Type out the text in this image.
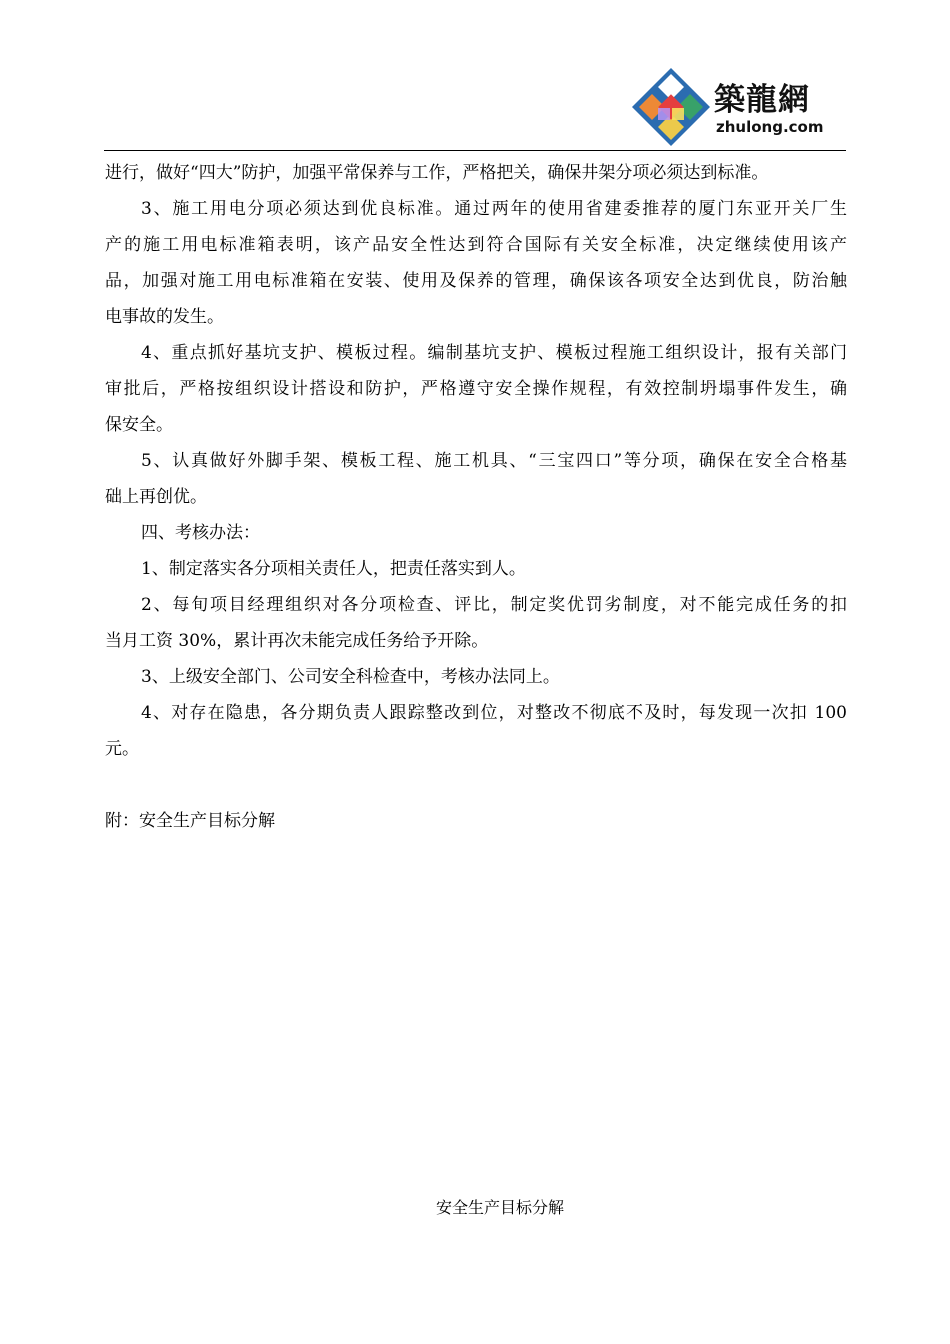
築龍網
zhulong.com
进行，做好“四大”防护，加强平常保养与工作，严格把关，确保井架分项必须达到标准。
3、施工用电分项必须达到优良标准。通过两年的使用省建委推荐的厦门东亚开关厂生
产的施工用电标准箱表明，该产品安全性达到符合国际有关安全标准，决定继续使用该产
品，加强对施工用电标准箱在安装、使用及保养的管理，确保该各项安全达到优良，防治触
电事故的发生。
4、重点抓好基坑支护、模板过程。编制基坑支护、模板过程施工组织设计，报有关部门
审批后，严格按组织设计搭设和防护，严格遵守安全操作规程，有效控制坍塌事件发生，确
保安全。
5、认真做好外脚手架、模板工程、施工机具、“三宝四口”等分项，确保在安全合格基
础上再创优。
四、考核办法：
1、制定落实各分项相关责任人，把责任落实到人。
2、每旬项目经理组织对各分项检查、评比，制定奖优罚劣制度，对不能完成任务的扣
当月工资 30%，累计再次未能完成任务给予开除。
3、上级安全部门、公司安全科检查中，考核办法同上。
4、对存在隐患，各分期负责人跟踪整改到位，对整改不彻底不及时，每发现一次扣 100
元。
附：安全生产目标分解
安全生产目标分解
